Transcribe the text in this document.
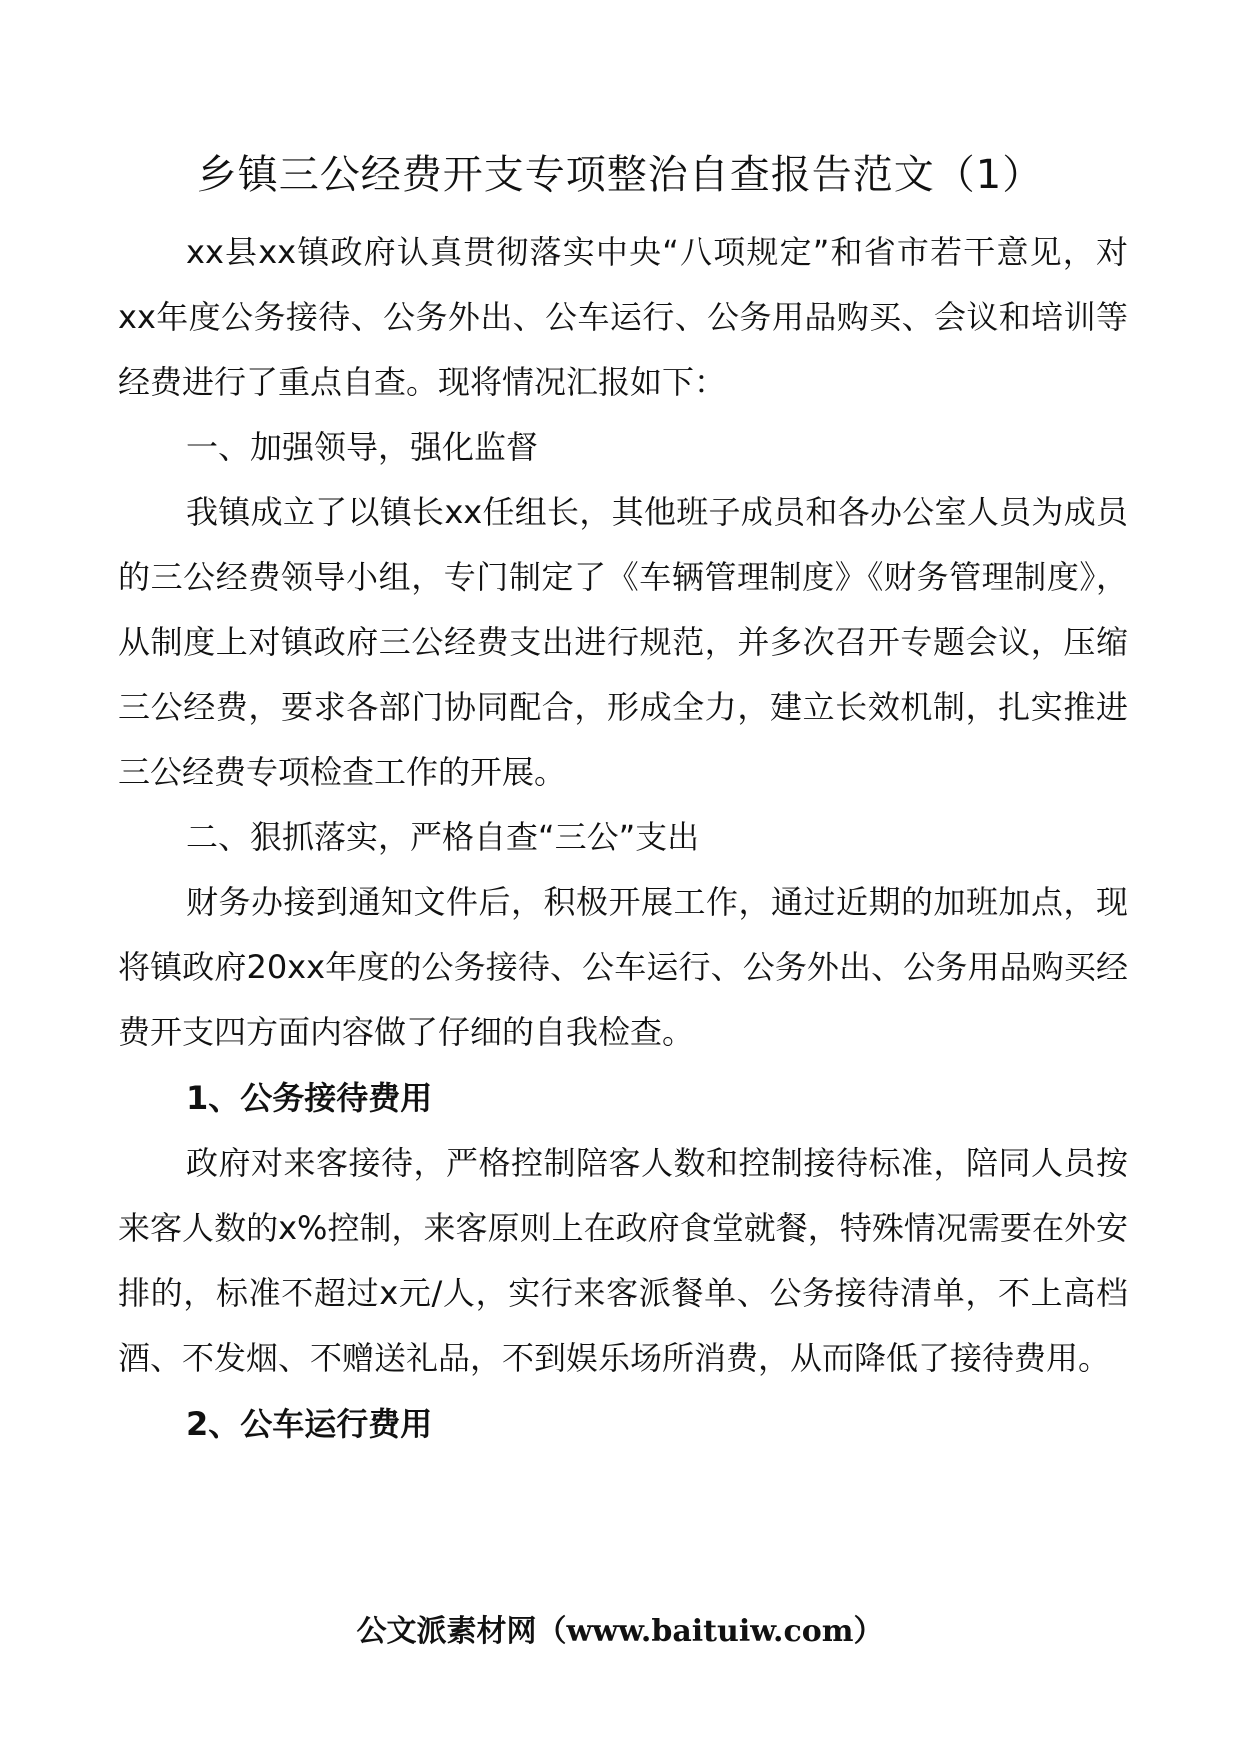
乡镇三公经费开支专项整治自查报告范文（1）

xx县xx镇政府认真贯彻落实中央“八项规定”和省市若干意见，对xx年度公务接待、公务外出、公车运行、公务用品购买、会议和培训等经费进行了重点自查。现将情况汇报如下：

一、加强领导，强化监督

我镇成立了以镇长xx任组长，其他班子成员和各办公室人员为成员的三公经费领导小组，专门制定了《车辆管理制度》《财务管理制度》，从制度上对镇政府三公经费支出进行规范，并多次召开专题会议，压缩三公经费，要求各部门协同配合，形成全力，建立长效机制，扎实推进三公经费专项检查工作的开展。

二、狠抓落实，严格自查“三公”支出

财务办接到通知文件后，积极开展工作，通过近期的加班加点，现将镇政府20xx年度的公务接待、公车运行、公务外出、公务用品购买经费开支四方面内容做了仔细的自我检查。

1、公务接待费用

政府对来客接待，严格控制陪客人数和控制接待标准，陪同人员按来客人数的x%控制，来客原则上在政府食堂就餐，特殊情况需要在外安排的，标准不超过x元/人，实行来客派餐单、公务接待清单，不上高档酒、不发烟、不赠送礼品，不到娱乐场所消费，从而降低了接待费用。

2、公车运行费用

公文派素材网（www.baituiw.com）
